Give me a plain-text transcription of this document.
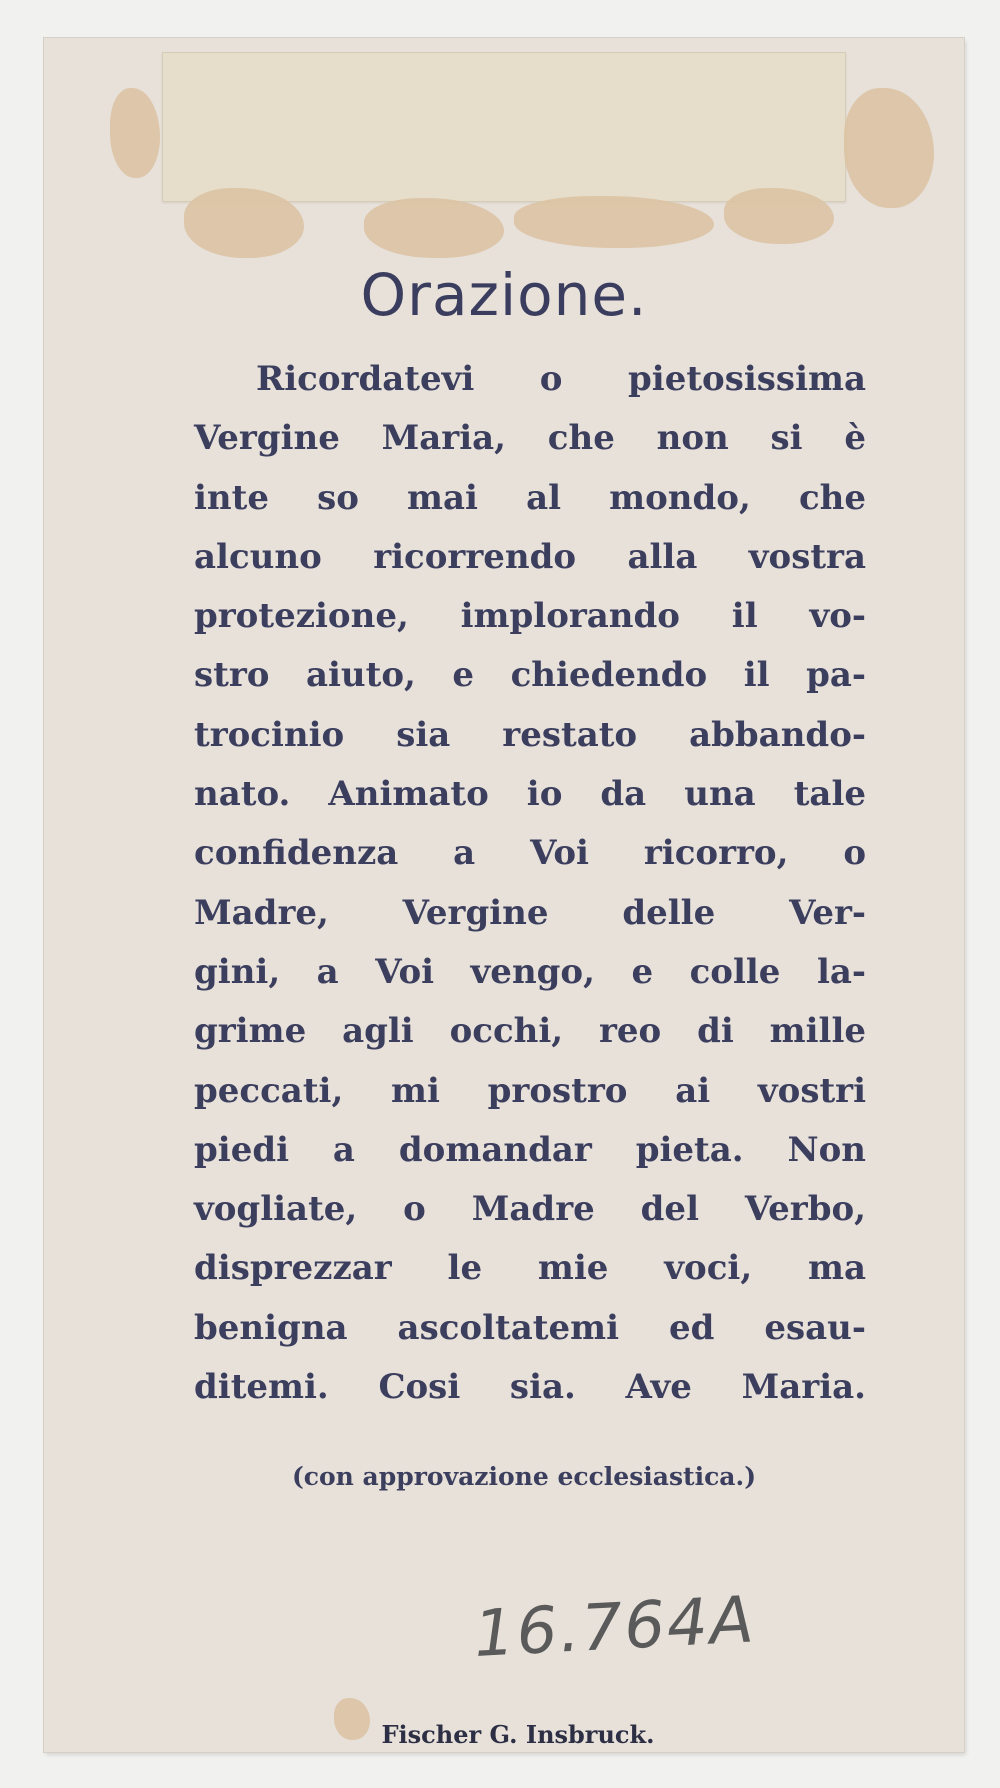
Orazione.
Ricordatevi o pietosissima
Vergine Maria, che non si è
inte so mai al mondo, che
alcuno ricorrendo alla vostra
protezione, implorando il vo-
stro aiuto, e chiedendo il pa-
trocinio sia restato abbando-
nato. Animato io da una tale
confidenza a Voi ricorro, o
Madre, Vergine delle Ver-
gini, a Voi vengo, e colle la-
grime agli occhi, reo di mille
peccati, mi prostro ai vostri
piedi a domandar pieta. Non
vogliate, o Madre del Verbo,
disprezzar le mie voci, ma
benigna ascoltatemi ed esau-
ditemi. Cosi sia. Ave Maria.
(con approvazione ecclesiastica.)
16.764A
Fischer G. Insbruck.
